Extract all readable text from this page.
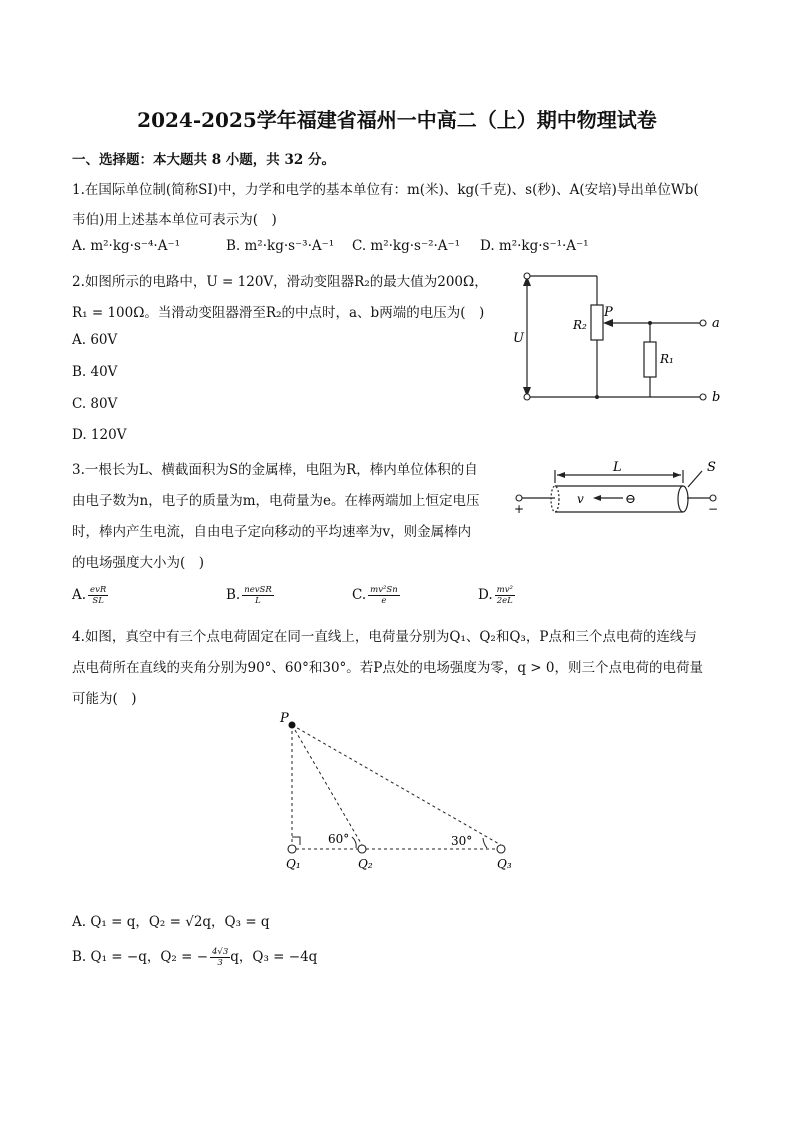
2024-2025学年福建省福州一中高二（上）期中物理试卷
一、选择题：本大题共 8 小题，共 32 分。
1.在国际单位制(简称SI)中，力学和电学的基本单位有：m(米)、kg(千克)、s(秒)、A(安培)导出单位Wb(
韦伯)用上述基本单位可表示为(　)
A. m²·kg·s⁻⁴·A⁻¹	B. m²·kg·s⁻³·A⁻¹ C. m²·kg·s⁻²·A⁻¹ D. m²·kg·s⁻¹·A⁻¹
2.如图所示的电路中，U = 120V，滑动变阻器R₂的最大值为200Ω，
R₁ = 100Ω。当滑动变阻器滑至R₂的中点时，a、b两端的电压为(　)
A. 60V
B. 40V
C. 80V
D. 120V
U
R₂
P
R₁
a
b
3.一根长为L、横截面积为S的金属棒，电阻为R，棒内单位体积的自
由电子数为n，电子的质量为m，电荷量为e。在棒两端加上恒定电压
时，棒内产生电流，自由电子定向移动的平均速率为v，则金属棒内
的电场强度大小为(　)
A. $\frac{\text{evR}}{SL}$	B. $\frac{\text{nevSR}}{L}$	C. $\frac{\text{mv²Sn}}{e}$	D. $\frac{\text{mv²}}{2eL}$
L	S
v	⊖
+	−
4.如图，真空中有三个点电荷固定在同一直线上，电荷量分别为Q₁、Q₂和Q₃，P点和三个点电荷的连线与
点电荷所在直线的夹角分别为90°、60°和30°。若P点处的电场强度为零，q > 0，则三个点电荷的电荷量
可能为(　)
P
Q₁	Q₂	Q₃
60°	30°
A. Q₁ = q，Q₂ = √2q，Q₃ = q
B. Q₁ = −q，Q₂ = − $\frac{4√3}{3}$ q，Q₃ = −4q
